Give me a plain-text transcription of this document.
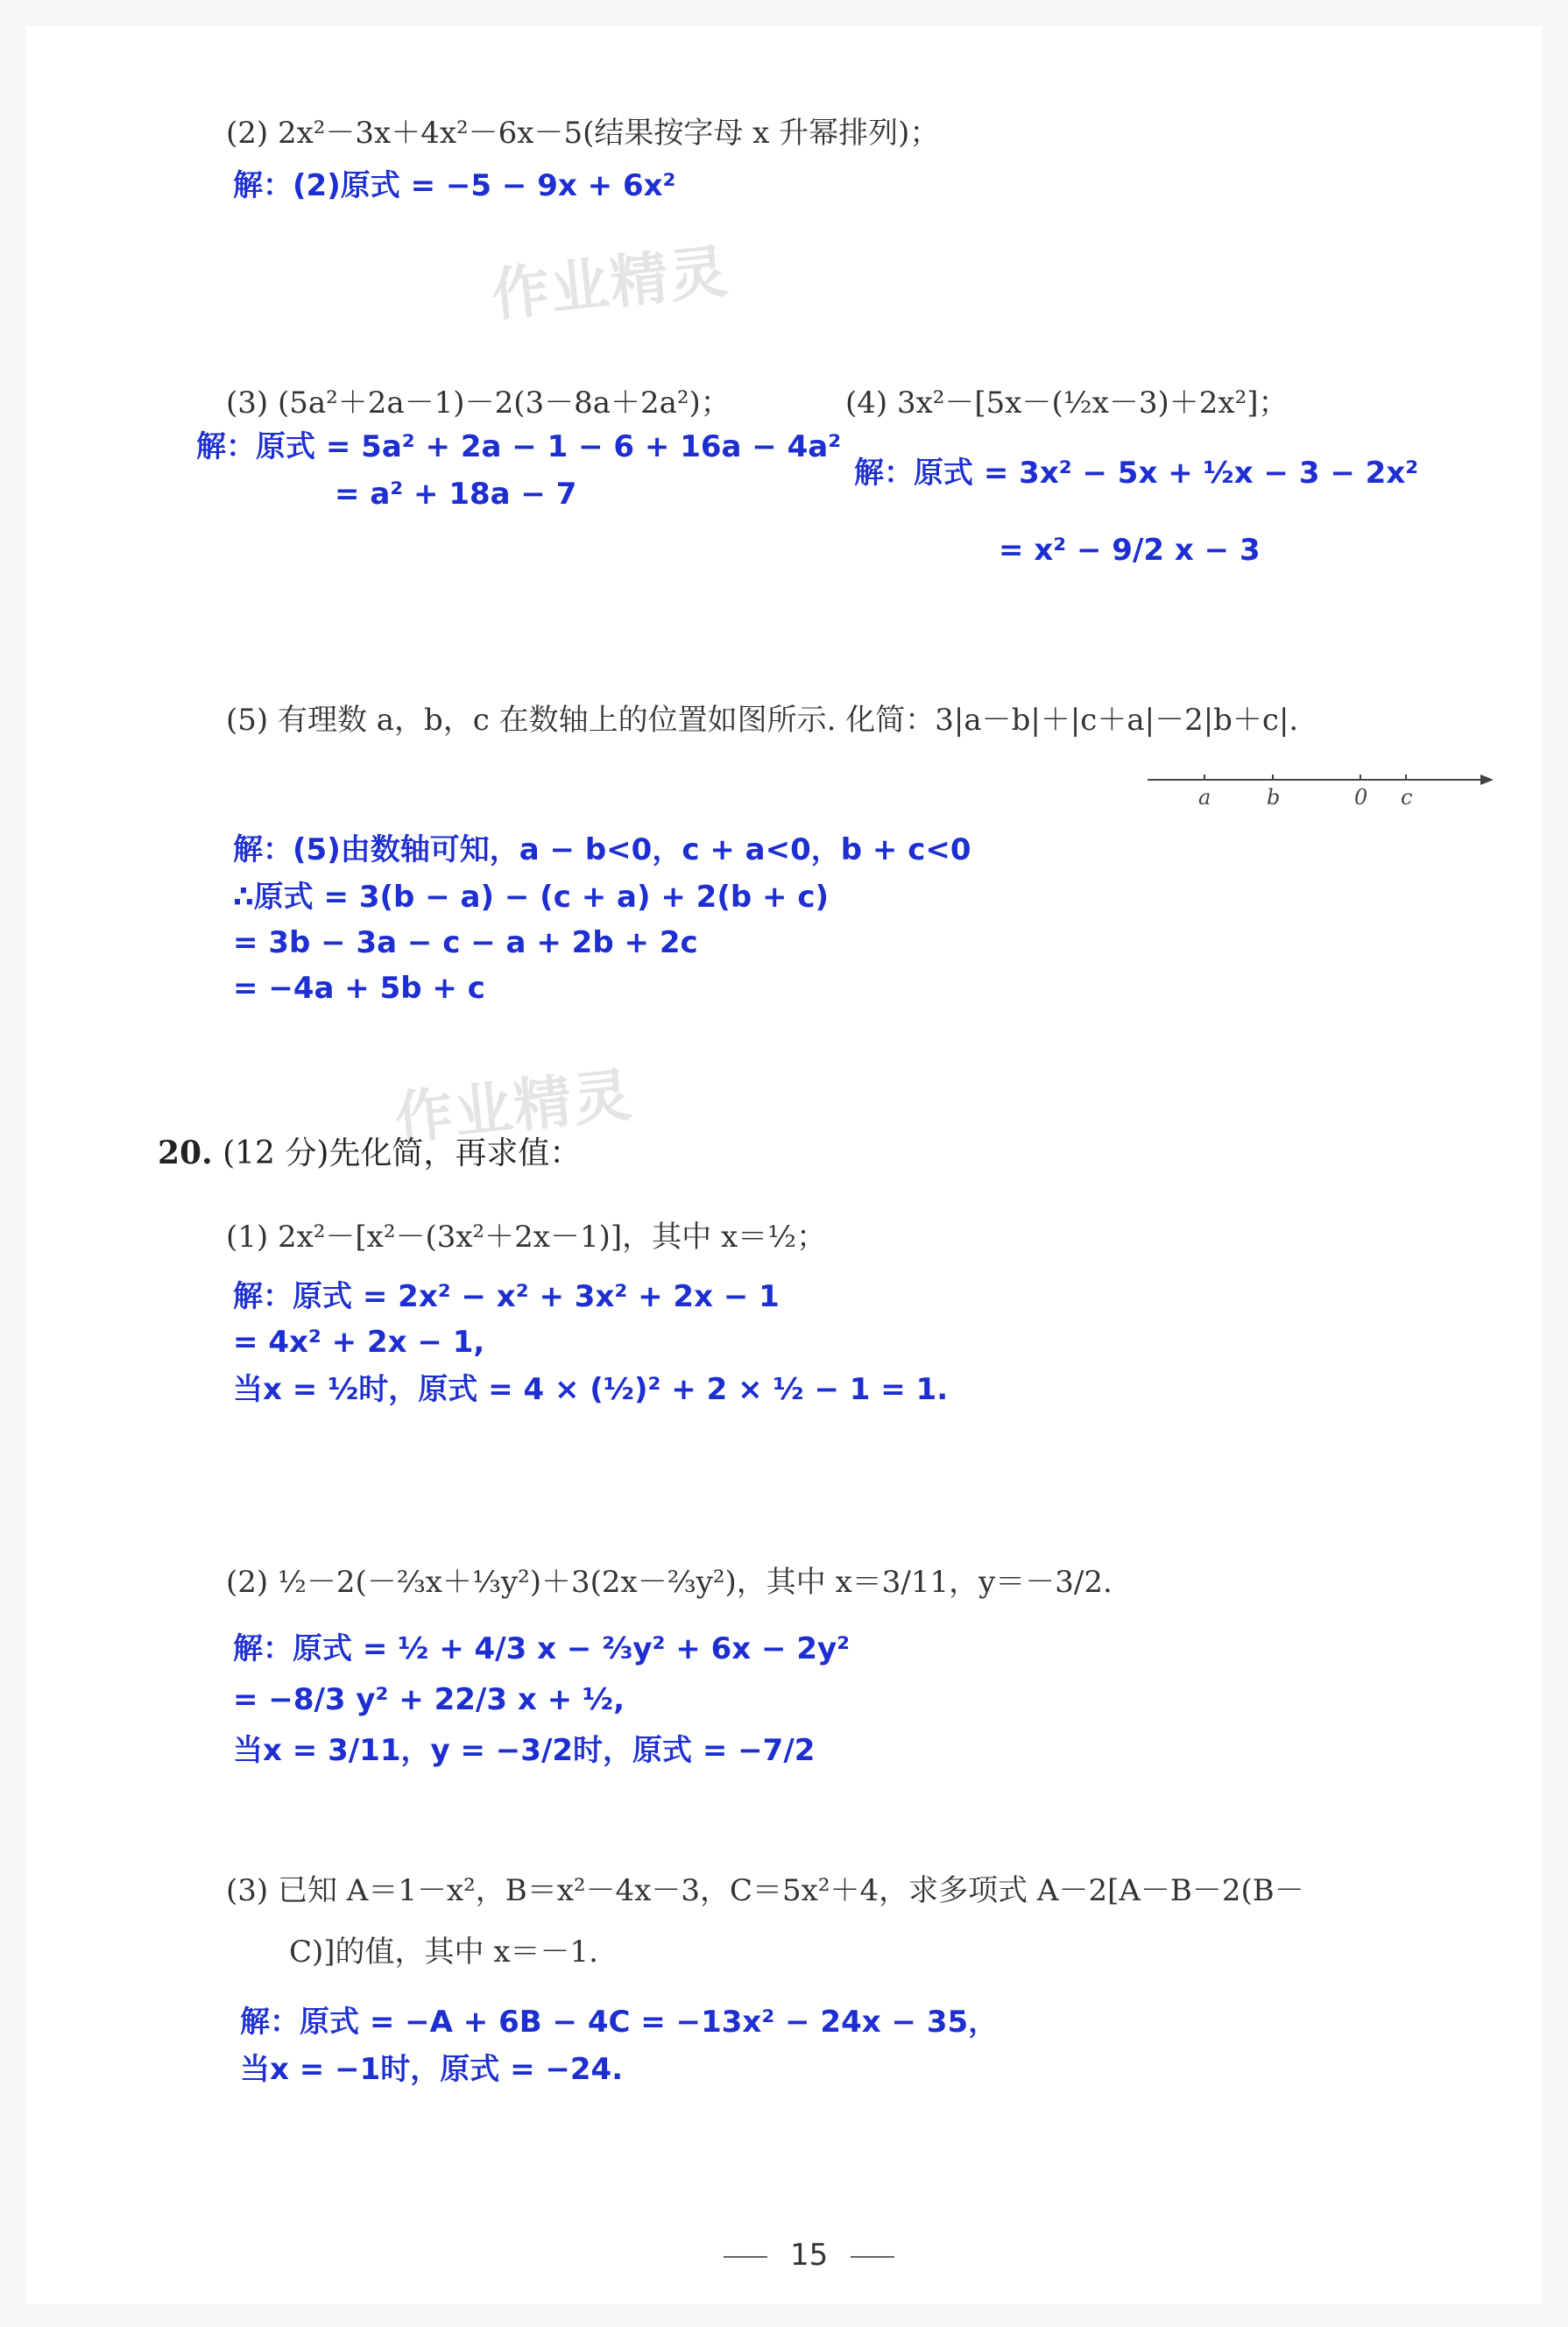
作业精灵
作业精灵
(2) 2x²－3x＋4x²－6x－5(结果按字母 x 升幂排列)；
解：(2)原式 = −5 − 9x + 6x²
(3) (5a²＋2a－1)－2(3－8a＋2a²)；
解：原式 = 5a² + 2a − 1 − 6 + 16a − 4a²
= a² + 18a − 7
(4) 3x²－[5x－(½x－3)＋2x²]；
解：原式 = 3x² − 5x + ½x − 3 − 2x²
= x² − 9/2 x − 3
(5) 有理数 a，b，c 在数轴上的位置如图所示. 化简：3|a－b|＋|c＋a|－2|b＋c|.
a	b	0 c
解：(5)由数轴可知，a − b<0，c + a<0，b + c<0
∴原式 = 3(b − a) − (c + a) + 2(b + c)
= 3b − 3a − c − a + 2b + 2c
= −4a + 5b + c
20. (12 分)先化简，再求值：
(1) 2x²－[x²－(3x²＋2x－1)]，其中 x＝½；
解：原式 = 2x² − x² + 3x² + 2x − 1
= 4x² + 2x − 1,
当x = ½时，原式 = 4 × (½)² + 2 × ½ − 1 = 1.
(2) ½－2(－⅔x＋⅓y²)＋3(2x－⅔y²)，其中 x＝3/11，y＝－3/2.
解：原式 = ½ + 4/3 x − ⅔y² + 6x − 2y²
= −8/3 y² + 22/3 x + ½,
当x = 3/11，y = −3/2时，原式 = −7/2
(3) 已知 A＝1－x²，B＝x²－4x－3，C＝5x²＋4，求多项式 A－2[A－B－2(B－
C)]的值，其中 x＝－1.
解：原式 = −A + 6B − 4C = −13x² − 24x − 35，
当x = −1时，原式 = −24.
15
